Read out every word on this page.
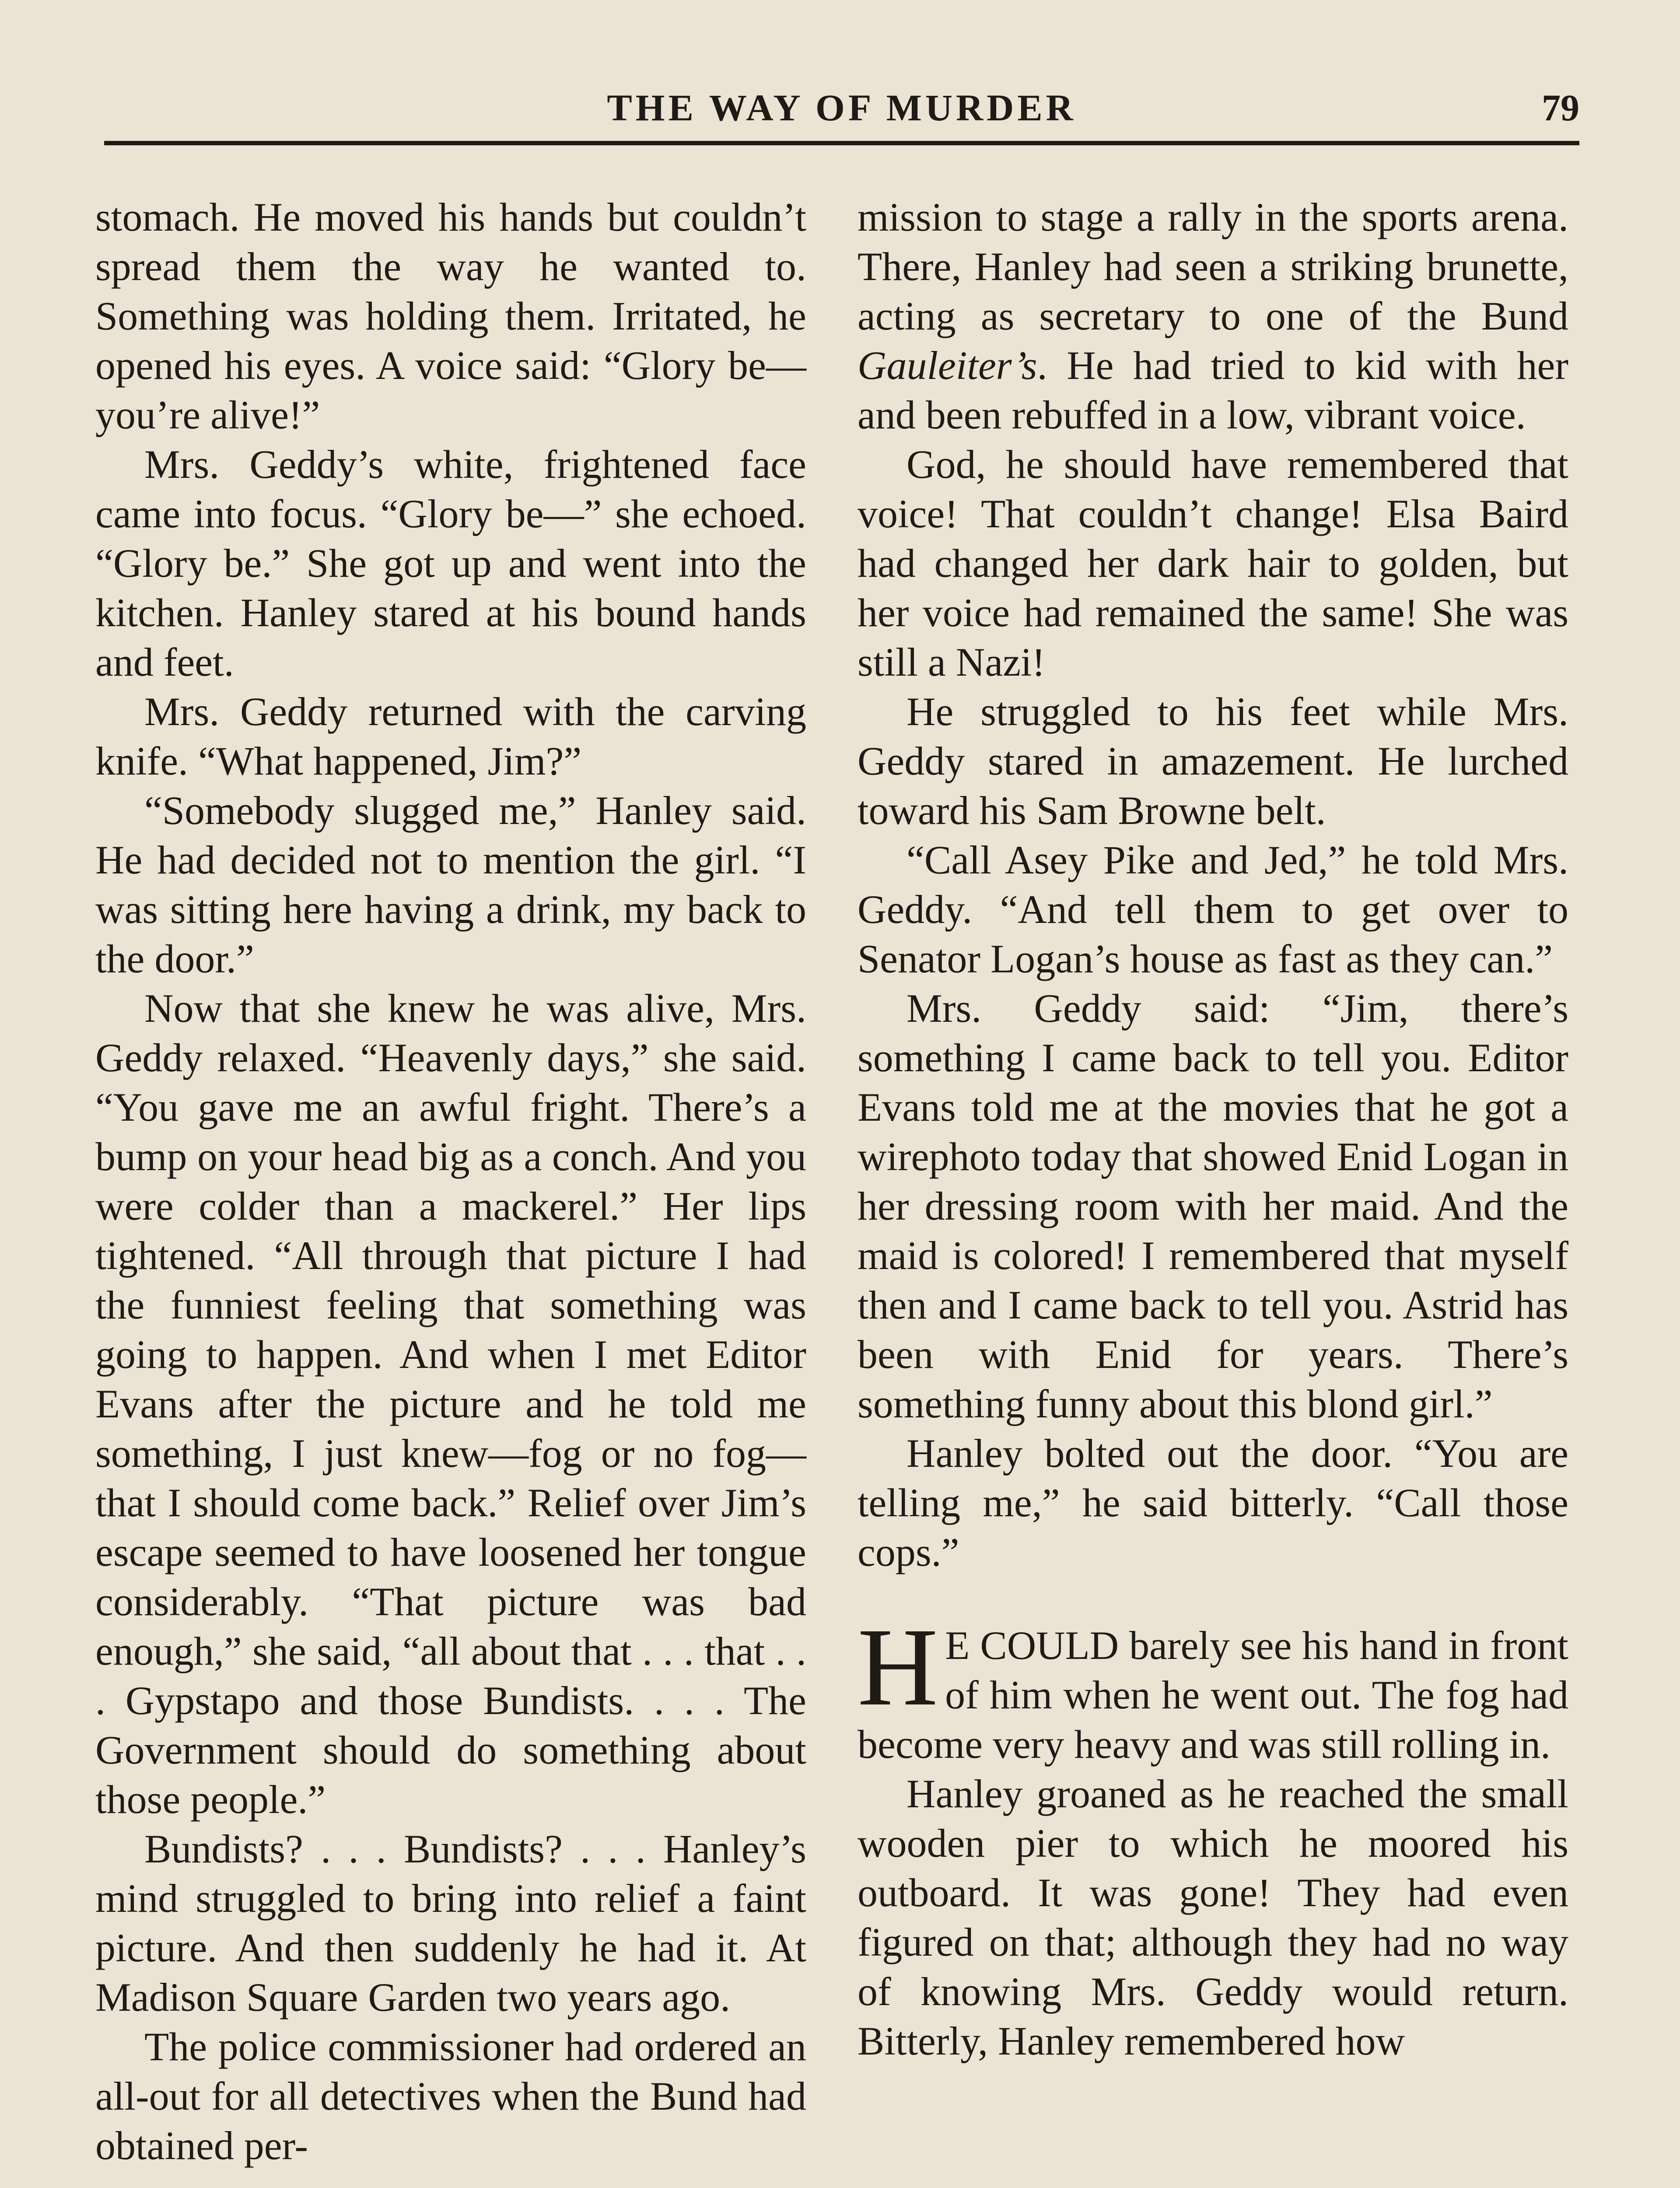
THE WAY OF MURDER	79

stomach. He moved his hands but couldn’t spread them the way he wanted to. Something was holding them. Irritated, he opened his eyes. A voice said: “Glory be—you’re alive!”

Mrs. Geddy’s white, frightened face came into focus. “Glory be—” she echoed. “Glory be.” She got up and went into the kitchen. Hanley stared at his bound hands and feet.

Mrs. Geddy returned with the carving knife. “What happened, Jim?”

“Somebody slugged me,” Hanley said. He had decided not to mention the girl. “I was sitting here having a drink, my back to the door.”

Now that she knew he was alive, Mrs. Geddy relaxed. “Heavenly days,” she said. “You gave me an awful fright. There’s a bump on your head big as a conch. And you were colder than a mackerel.” Her lips tightened. “All through that picture I had the funniest feeling that something was going to happen. And when I met Editor Evans after the picture and he told me something, I just knew—fog or no fog—that I should come back.” Relief over Jim’s escape seemed to have loosened her tongue considerably. “That picture was bad enough,” she said, “all about that . . . that . . . Gypstapo and those Bundists. . . . The Government should do something about those people.”

Bundists? . . . Bundists? . . . Hanley’s mind struggled to bring into relief a faint picture. And then suddenly he had it. At Madison Square Garden two years ago.

The police commissioner had ordered an all-out for all detectives when the Bund had obtained per-

mission to stage a rally in the sports arena. There, Hanley had seen a striking brunette, acting as secretary to one of the Bund Gauleiter’s. He had tried to kid with her and been rebuffed in a low, vibrant voice.

God, he should have remembered that voice! That couldn’t change! Elsa Baird had changed her dark hair to golden, but her voice had remained the same! She was still a Nazi!

He struggled to his feet while Mrs. Geddy stared in amazement. He lurched toward his Sam Browne belt.

“Call Asey Pike and Jed,” he told Mrs. Geddy. “And tell them to get over to Senator Logan’s house as fast as they can.”

Mrs. Geddy said: “Jim, there’s something I came back to tell you. Editor Evans told me at the movies that he got a wirephoto today that showed Enid Logan in her dressing room with her maid. And the maid is colored! I remembered that myself then and I came back to tell you. Astrid has been with Enid for years. There’s something funny about this blond girl.”

Hanley bolted out the door. “You are telling me,” he said bitterly. “Call those cops.”

H E COULD barely see his hand in front of him when he went out. The fog had become very heavy and was still rolling in.

Hanley groaned as he reached the small wooden pier to which he moored his outboard. It was gone! They had even figured on that; although they had no way of knowing Mrs. Geddy would return. Bitterly, Hanley remembered how
